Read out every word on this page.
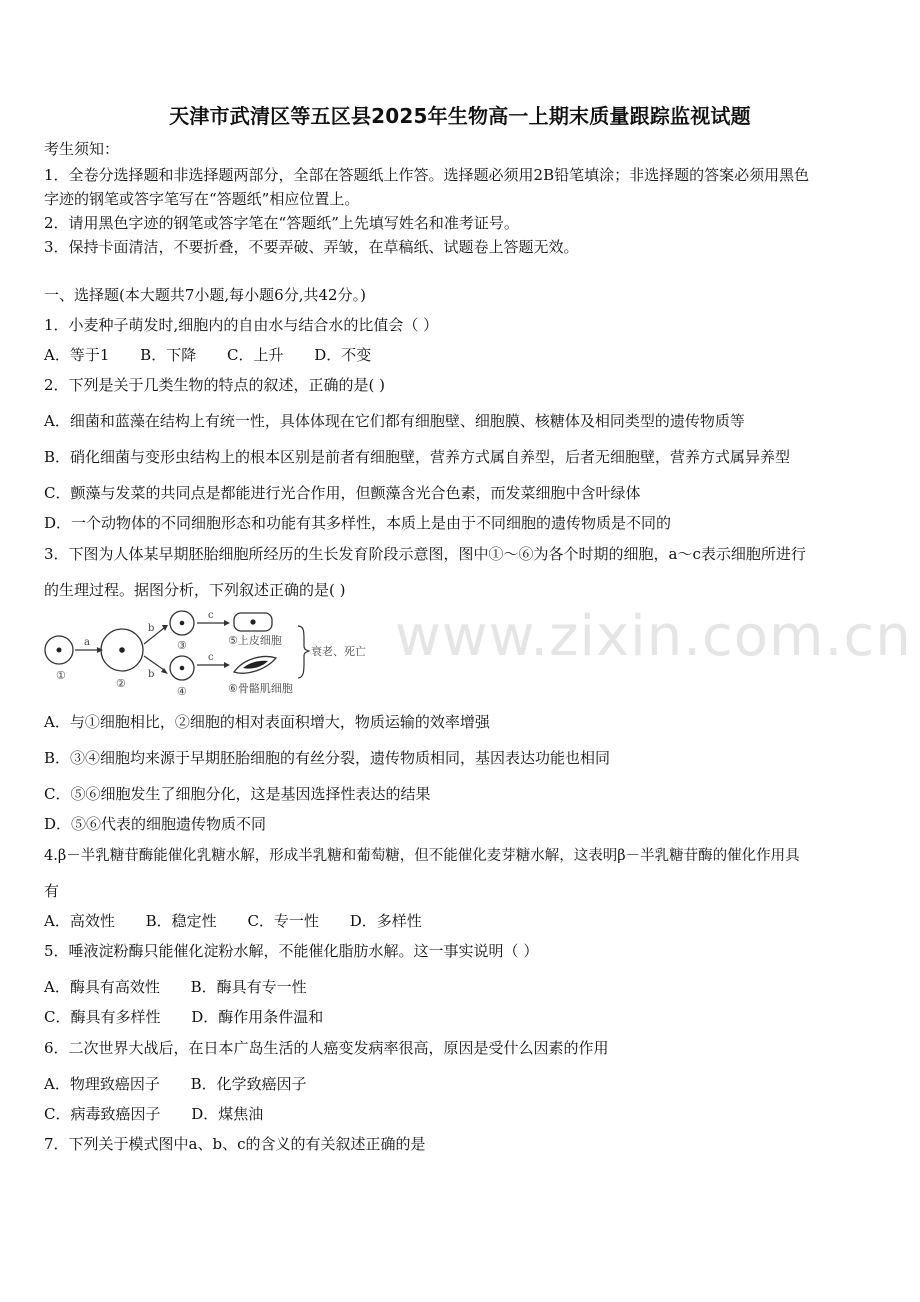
天津市武清区等五区县2025年生物高一上期末质量跟踪监视试题
考生须知：
1．全卷分选择题和非选择题两部分，全部在答题纸上作答。选择题必须用2B铅笔填涂；非选择题的答案必须用黑色
字迹的钢笔或答字笔写在“答题纸”相应位置上。
2．请用黑色字迹的钢笔或答字笔在“答题纸”上先填写姓名和准考证号。
3．保持卡面清洁，不要折叠，不要弄破、弄皱，在草稿纸、试题卷上答题无效。
一、选择题(本大题共7小题,每小题6分,共42分。)
1．小麦种子萌发时,细胞内的自由水与结合水的比值会（ ）
A．等于1 B．下降 C．上升 D．不变
2．下列是关于几类生物的特点的叙述，正确的是( )
A．细菌和蓝藻在结构上有统一性，具体体现在它们都有细胞壁、细胞膜、核糖体及相同类型的遗传物质等
B．硝化细菌与变形虫结构上的根本区别是前者有细胞壁，营养方式属自养型，后者无细胞壁，营养方式属异养型
C．颤藻与发菜的共同点是都能进行光合作用，但颤藻含光合色素，而发菜细胞中含叶绿体
D．一个动物体的不同细胞形态和功能有其多样性，本质上是由于不同细胞的遗传物质是不同的
3．下图为人体某早期胚胎细胞所经历的生长发育阶段示意图，图中①～⑥为各个时期的细胞，a～c表示细胞所进行
的生理过程。据图分析，下列叙述正确的是( )
www.zixin.com.cn
①
②
③
④
⑤上皮细胞
⑥骨骼肌细胞
a
b
b
c
c	衰老、死亡
A．与①细胞相比，②细胞的相对表面积增大，物质运输的效率增强
B．③④细胞均来源于早期胚胎细胞的有丝分裂，遗传物质相同，基因表达功能也相同
C．⑤⑥细胞发生了细胞分化，这是基因选择性表达的结果
D．⑤⑥代表的细胞遗传物质不同
4.β－半乳糖苷酶能催化乳糖水解，形成半乳糖和葡萄糖，但不能催化麦芽糖水解，这表明β－半乳糖苷酶的催化作用具
有
A．高效性 B．稳定性 C．专一性 D．多样性
5．唾液淀粉酶只能催化淀粉水解，不能催化脂肪水解。这一事实说明（ ）
A．酶具有高效性 B．酶具有专一性
C．酶具有多样性 D．酶作用条件温和
6．二次世界大战后，在日本广岛生活的人癌变发病率很高，原因是受什么因素的作用
A．物理致癌因子 B．化学致癌因子
C．病毒致癌因子 D．煤焦油
7．下列关于模式图中a、b、c的含义的有关叙述正确的是
